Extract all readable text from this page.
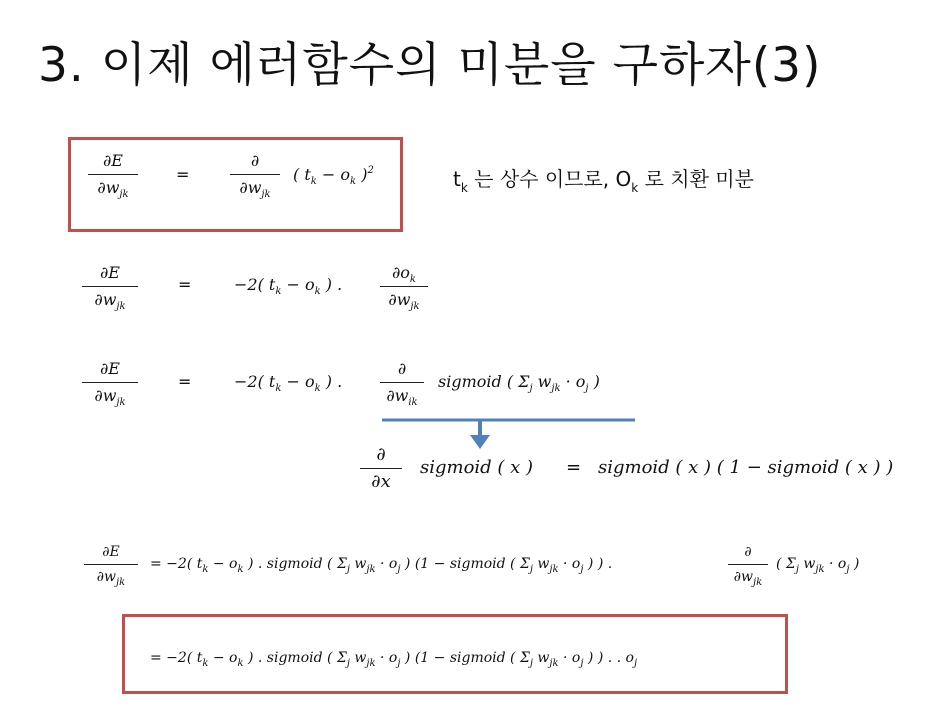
3. 이제 에러함수의 미분을 구하자(3)
∂E
$\partial w_{jk}$
=
∂
$\partial w_{jk}$
( $t_k - o_k$ )$^2$	$t_k$ 는 상수 이므로, $O_k$ 로 치환 미분
∂E
$\partial w_{jk}$
=	−2( $t_k - o_k$ ) .
$\partial o_k$
$\partial w_{jk}$
∂E
$\partial w_{jk}$
=	−2( $t_k - o_k$ ) .
∂
$\partial w_{ik}$
sigmoid ( $\Sigma_j$ $w_{jk} \cdot o_j$ )
∂
∂x
sigmoid ( x ) = sigmoid ( x ) ( 1 − sigmoid ( x ) )
∂E
$\partial w_{jk}$
= −2( $t_k - o_k$ ) . sigmoid ( $\Sigma_j$ $w_{jk} \cdot o_j$ ) (1 − sigmoid ( $\Sigma_j$ $w_{jk} \cdot o_j$ ) ) .
∂
$\partial w_{jk}$
( $\Sigma_j$ $w_{jk} \cdot o_j$ )
= −2( $t_k - o_k$ ) . sigmoid ( $\Sigma_j$ $w_{jk} \cdot o_j$ ) (1 − sigmoid ( $\Sigma_j$ $w_{jk} \cdot o_j$ ) ) . . $o_j$
